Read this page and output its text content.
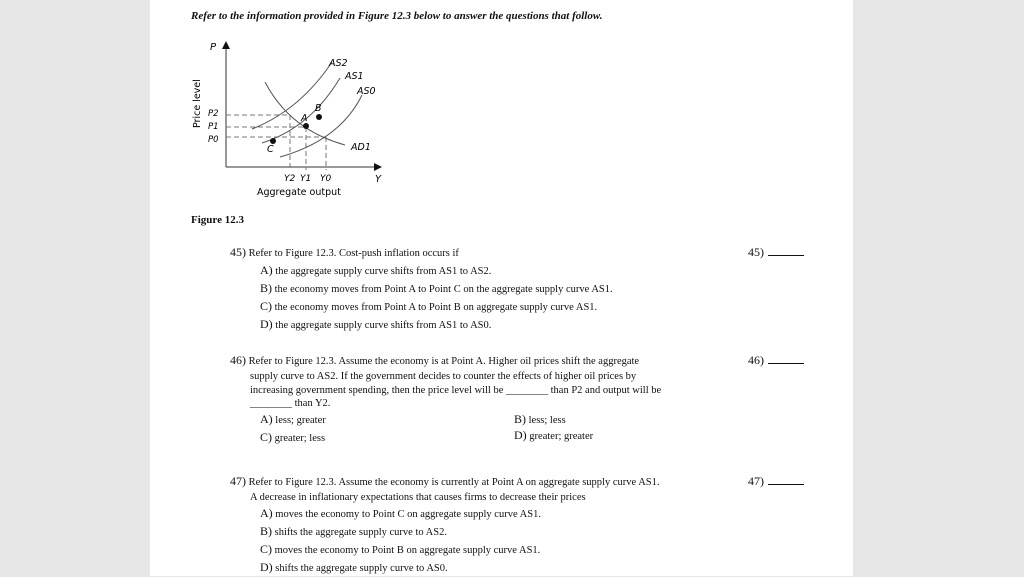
Refer to the information provided in Figure 12.3 below to answer the questions that follow.
P
Y
Price level
Aggregate output
P2
P1
P0
Y2 Y1 Y0
AS2
AS1
AS0
AD1
B
A
C
Figure 12.3
45) Refer to Figure 12.3. Cost-push inflation occurs if
A) the aggregate supply curve shifts from AS1 to AS2.
B) the economy moves from Point A to Point C on the aggregate supply curve AS1.
C) the economy moves from Point A to Point B on aggregate supply curve AS1.
D) the aggregate supply curve shifts from AS1 to AS0.
45)
46) Refer to Figure 12.3. Assume the economy is at Point A. Higher oil prices shift the aggregate
supply curve to AS2. If the government decides to counter the effects of higher oil prices by
increasing government spending, then the price level will be ________ than P2 and output will be
________ than Y2.
A) less; greater
C) greater; less
B) less; less
D) greater; greater
46)
47) Refer to Figure 12.3. Assume the economy is currently at Point A on aggregate supply curve AS1.
A decrease in inflationary expectations that causes firms to decrease their prices
A) moves the economy to Point C on aggregate supply curve AS1.
B) shifts the aggregate supply curve to AS2.
C) moves the economy to Point B on aggregate supply curve AS1.
D) shifts the aggregate supply curve to AS0.
47)
